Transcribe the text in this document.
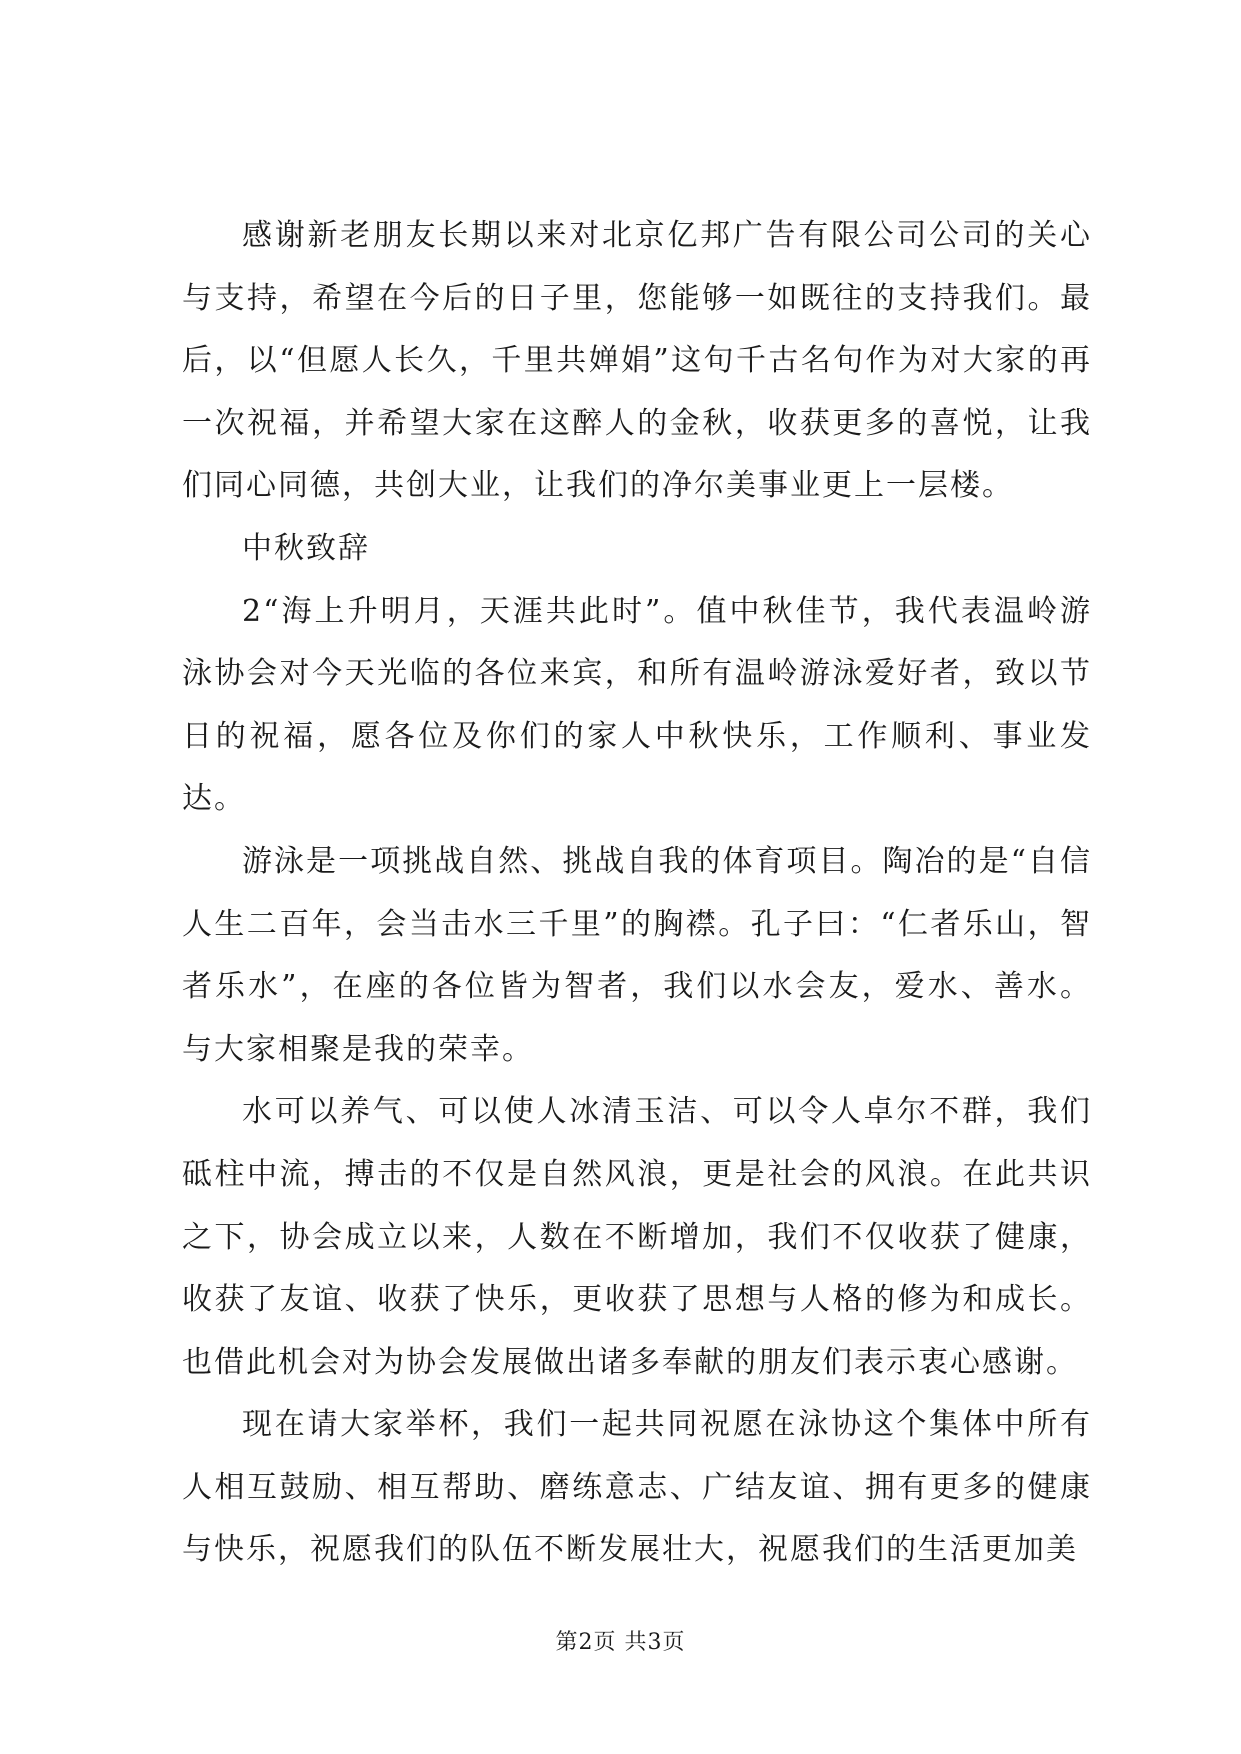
感谢新老朋友长期以来对北京亿邦广告有限公司公司的关心与支持，希望在今后的日子里，您能够一如既往的支持我们。最后，以“但愿人长久，千里共婵娟”这句千古名句作为对大家的再一次祝福，并希望大家在这醉人的金秋，收获更多的喜悦，让我们同心同德，共创大业，让我们的净尔美事业更上一层楼。

中秋致辞

2“海上升明月，天涯共此时”。值中秋佳节，我代表温岭游泳协会对今天光临的各位来宾，和所有温岭游泳爱好者，致以节日的祝福，愿各位及你们的家人中秋快乐，工作顺利、事业发达。

游泳是一项挑战自然、挑战自我的体育项目。陶冶的是“自信人生二百年，会当击水三千里”的胸襟。孔子曰：“仁者乐山，智者乐水”，在座的各位皆为智者，我们以水会友，爱水、善水。与大家相聚是我的荣幸。

水可以养气、可以使人冰清玉洁、可以令人卓尔不群，我们砥柱中流，搏击的不仅是自然风浪，更是社会的风浪。在此共识之下，协会成立以来，人数在不断增加，我们不仅收获了健康，收获了友谊、收获了快乐，更收获了思想与人格的修为和成长。也借此机会对为协会发展做出诸多奉献的朋友们表示衷心感谢。

现在请大家举杯，我们一起共同祝愿在泳协这个集体中所有人相互鼓励、相互帮助、磨练意志、广结友谊、拥有更多的健康与快乐，祝愿我们的队伍不断发展壮大，祝愿我们的生活更加美

第2页 共3页
